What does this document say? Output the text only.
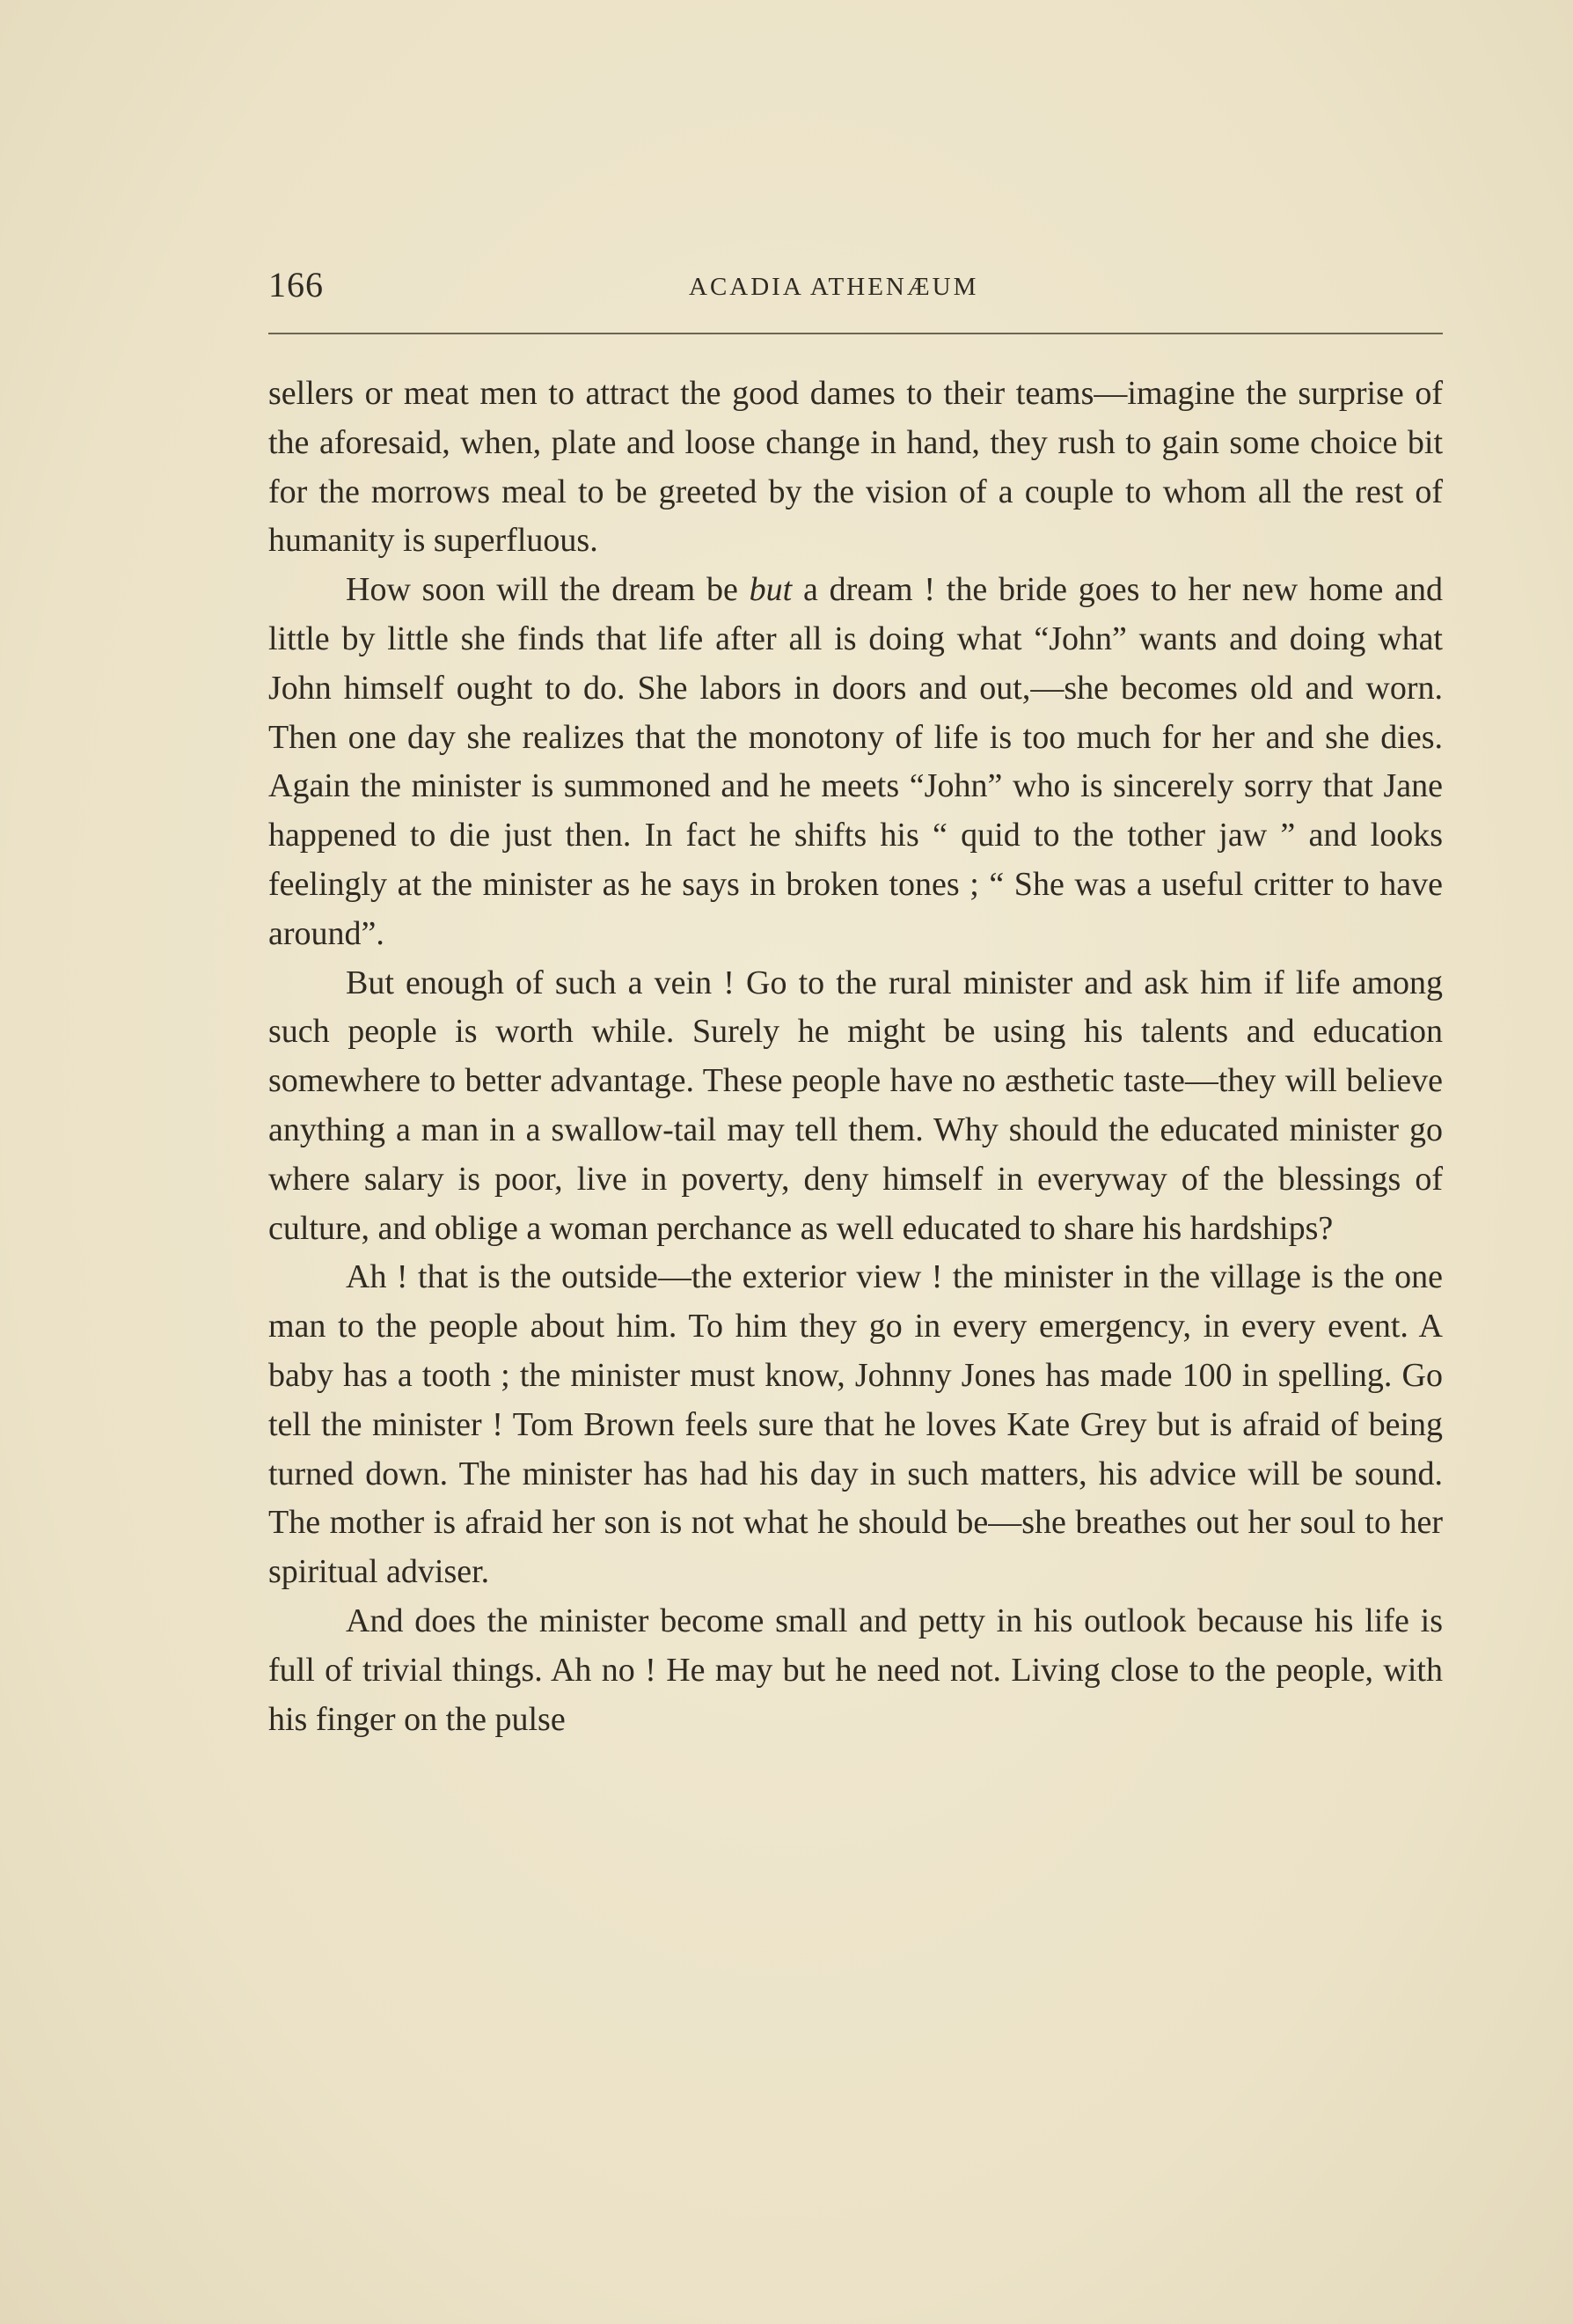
166	ACADIA ATHENÆUM

sellers or meat men to attract the good dames to their teams—imagine the surprise of the aforesaid, when, plate and loose change in hand, they rush to gain some choice bit for the morrows meal to be greeted by the vision of a couple to whom all the rest of humanity is superfluous.

How soon will the dream be but a dream ! the bride goes to her new home and little by little she finds that life after all is doing what “John” wants and doing what John himself ought to do. She labors in doors and out,—she becomes old and worn. Then one day she realizes that the monotony of life is too much for her and she dies. Again the minister is summoned and he meets “John” who is sincerely sorry that Jane happened to die just then. In fact he shifts his “ quid to the tother jaw ” and looks feelingly at the minister as he says in broken tones ; “ She was a useful critter to have around”.

But enough of such a vein ! Go to the rural minister and ask him if life among such people is worth while. Surely he might be using his talents and education somewhere to better advantage. These people have no æsthetic taste—they will believe anything a man in a swallow-tail may tell them. Why should the educated minister go where salary is poor, live in poverty, deny himself in everyway of the blessings of culture, and oblige a woman perchance as well educated to share his hardships?

Ah ! that is the outside—the exterior view ! the minister in the village is the one man to the people about him. To him they go in every emergency, in every event. A baby has a tooth ; the minister must know, Johnny Jones has made 100 in spelling. Go tell the minister ! Tom Brown feels sure that he loves Kate Grey but is afraid of being turned down. The minister has had his day in such matters, his advice will be sound. The mother is afraid her son is not what he should be—she breathes out her soul to her spiritual adviser.

And does the minister become small and petty in his outlook because his life is full of trivial things. Ah no ! He may but he need not. Living close to the people, with his finger on the pulse
